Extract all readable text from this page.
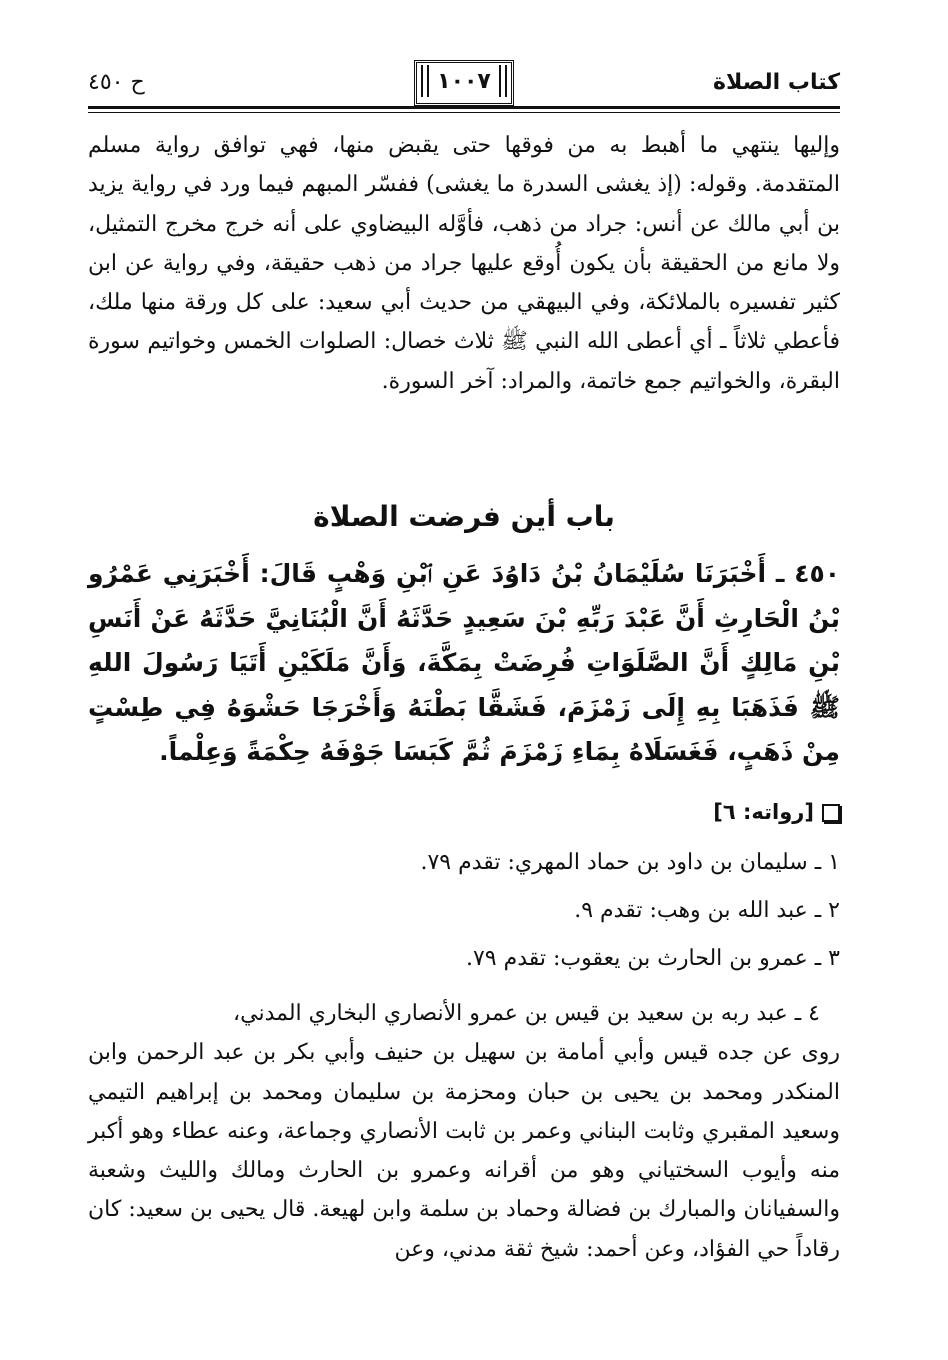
كتاب الصلاة
١٠٠٧
ح ٤٥٠
وإليها ينتهي ما أهبط به من فوقها حتى يقبض منها، فهي توافق رواية مسلم المتقدمة. وقوله: (إذ يغشى السدرة ما يغشى) ففسّر المبهم فيما ورد في رواية يزيد بن أبي مالك عن أنس: جراد من ذهب، فأوَّله البيضاوي على أنه خرج مخرج التمثيل، ولا مانع من الحقيقة بأن يكون أُوقع عليها جراد من ذهب حقيقة، وفي رواية عن ابن كثير تفسيره بالملائكة، وفي البيهقي من حديث أبي سعيد: على كل ورقة منها ملك، فأعطي ثلاثاً ـ أي أعطى الله النبي ﷺ ثلاث خصال: الصلوات الخمس وخواتيم سورة البقرة، والخواتيم جمع خاتمة، والمراد: آخر السورة.
باب أين فرضت الصلاة
٤٥٠ ـ أَخْبَرَنَا سُلَيْمَانُ بْنُ دَاوُدَ عَنِ ٱبْنِ وَهْبٍ قَالَ: أَخْبَرَنِي عَمْرُو بْنُ الْحَارِثِ أَنَّ عَبْدَ رَبِّهِ بْنَ سَعِيدٍ حَدَّثَهُ أَنَّ الْبُنَانِيَّ حَدَّثَهُ عَنْ أَنَسِ بْنِ مَالِكٍ أَنَّ الصَّلَوَاتِ فُرِضَتْ بِمَكَّةَ، وَأَنَّ مَلَكَيْنِ أَتَيَا رَسُولَ اللهِ ﷺ فَذَهَبَا بِهِ إِلَى زَمْزَمَ، فَشَقَّا بَطْنَهُ وَأَخْرَجَا حَشْوَهُ فِي طِسْتٍ مِنْ ذَهَبٍ، فَغَسَلَاهُ بِمَاءِ زَمْزَمَ ثُمَّ كَبَسَا جَوْفَهُ حِكْمَةً وَعِلْماً.
[رواته: ٦]
١ ـ سليمان بن داود بن حماد المهري: تقدم ٧٩.
٢ ـ عبد الله بن وهب: تقدم ٩.
٣ ـ عمرو بن الحارث بن يعقوب: تقدم ٧٩.
٤ ـ عبد ربه بن سعيد بن قيس بن عمرو الأنصاري البخاري المدني،
روى عن جده قيس وأبي أمامة بن سهيل بن حنيف وأبي بكر بن عبد الرحمن وابن المنكدر ومحمد بن يحيى بن حبان ومحزمة بن سليمان ومحمد بن إبراهيم التيمي وسعيد المقبري وثابت البناني وعمر بن ثابت الأنصاري وجماعة، وعنه عطاء وهو أكبر منه وأيوب السختياني وهو من أقرانه وعمرو بن الحارث ومالك والليث وشعبة والسفيانان والمبارك بن فضالة وحماد بن سلمة وابن لهيعة. قال يحيى بن سعيد: كان رقاداً حي الفؤاد، وعن أحمد: شيخ ثقة مدني، وعن
